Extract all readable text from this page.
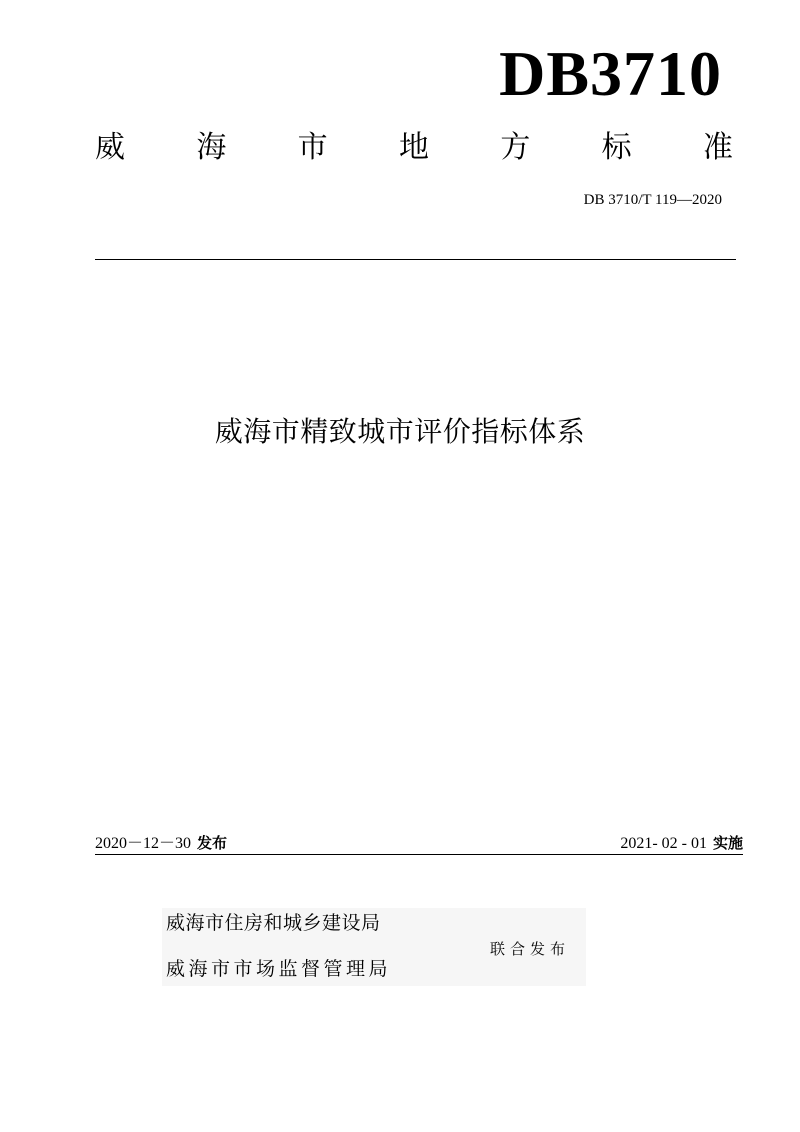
DB3710
威 海 市 地 方 标 准
DB 3710/T 119—2020
威海市精致城市评价指标体系
2020－12－30 发布	2021- 02 - 01 实施
威海市住房和城乡建设局
威海市市场监督管理局
联合发布
